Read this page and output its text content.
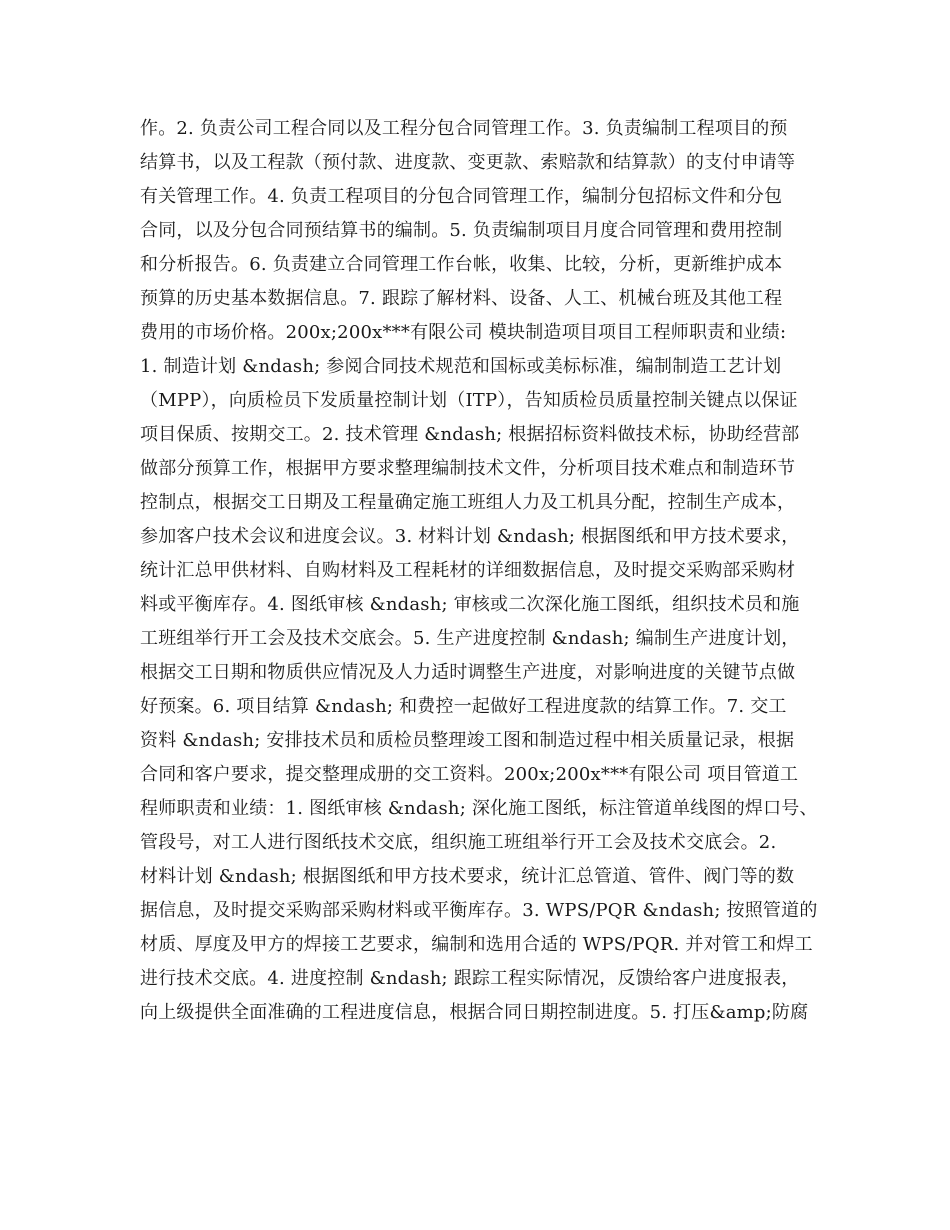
作。2. 负责公司工程合同以及工程分包合同管理工作。3. 负责编制工程项目的预
结算书，以及工程款（预付款、进度款、变更款、索赔款和结算款）的支付申请等
有关管理工作。4. 负责工程项目的分包合同管理工作，编制分包招标文件和分包
合同，以及分包合同预结算书的编制。5. 负责编制项目月度合同管理和费用控制
和分析报告。6. 负责建立合同管理工作台帐，收集、比较，分析，更新维护成本
预算的历史基本数据信息。7. 跟踪了解材料、设备、人工、机械台班及其他工程
费用的市场价格。200x;200x***有限公司 模块制造项目项目工程师职责和业绩:
1. 制造计划 &ndash; 参阅合同技术规范和国标或美标标准，编制制造工艺计划
（MPP），向质检员下发质量控制计划（ITP），告知质检员质量控制关键点以保证
项目保质、按期交工。2. 技术管理 &ndash; 根据招标资料做技术标，协助经营部
做部分预算工作，根据甲方要求整理编制技术文件，分析项目技术难点和制造环节
控制点，根据交工日期及工程量确定施工班组人力及工机具分配，控制生产成本，
参加客户技术会议和进度会议。3. 材料计划 &ndash; 根据图纸和甲方技术要求，
统计汇总甲供材料、自购材料及工程耗材的详细数据信息，及时提交采购部采购材
料或平衡库存。4. 图纸审核 &ndash; 审核或二次深化施工图纸，组织技术员和施
工班组举行开工会及技术交底会。5. 生产进度控制 &ndash; 编制生产进度计划，
根据交工日期和物质供应情况及人力适时调整生产进度，对影响进度的关键节点做
好预案。6. 项目结算 &ndash; 和费控一起做好工程进度款的结算工作。7. 交工
资料 &ndash; 安排技术员和质检员整理竣工图和制造过程中相关质量记录，根据
合同和客户要求，提交整理成册的交工资料。200x;200x***有限公司 项目管道工
程师职责和业绩：1. 图纸审核 &ndash; 深化施工图纸，标注管道单线图的焊口号、
管段号，对工人进行图纸技术交底，组织施工班组举行开工会及技术交底会。2.
材料计划 &ndash; 根据图纸和甲方技术要求，统计汇总管道、管件、阀门等的数
据信息，及时提交采购部采购材料或平衡库存。3. WPS/PQR &ndash; 按照管道的
材质、厚度及甲方的焊接工艺要求，编制和选用合适的 WPS/PQR. 并对管工和焊工
进行技术交底。4. 进度控制 &ndash; 跟踪工程实际情况，反馈给客户进度报表，
向上级提供全面准确的工程进度信息，根据合同日期控制进度。5. 打压&amp;防腐
